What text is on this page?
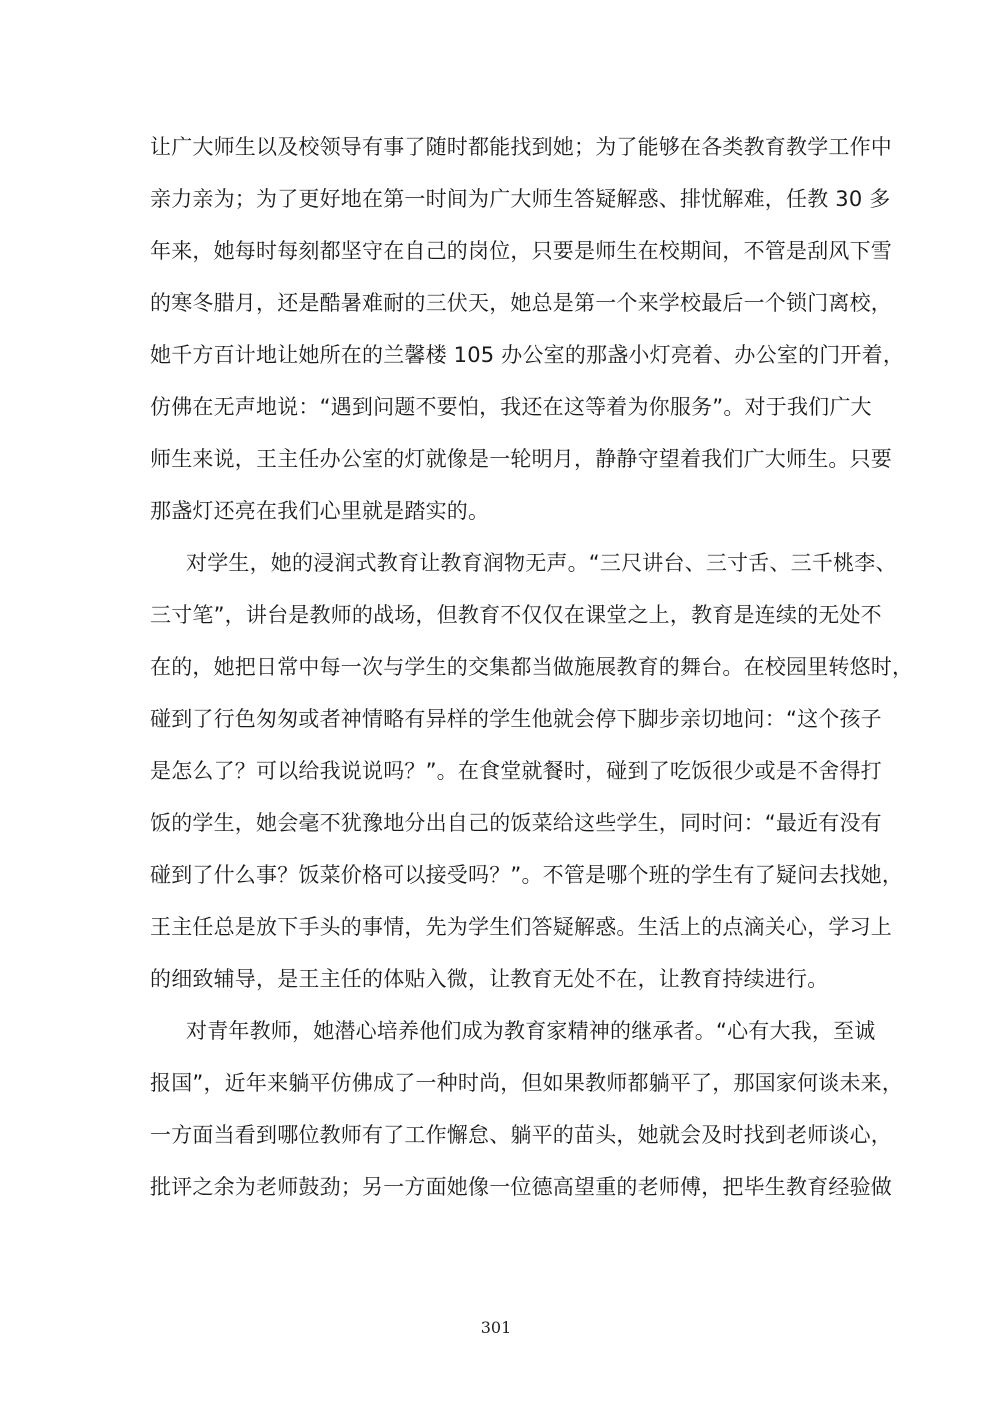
让广大师生以及校领导有事了随时都能找到她；为了能够在各类教育教学工作中
亲力亲为；为了更好地在第一时间为广大师生答疑解惑、排忧解难，任教 30 多
年来，她每时每刻都坚守在自己的岗位，只要是师生在校期间，不管是刮风下雪
的寒冬腊月，还是酷暑难耐的三伏天，她总是第一个来学校最后一个锁门离校，
她千方百计地让她所在的兰馨楼 105 办公室的那盏小灯亮着、办公室的门开着，
仿佛在无声地说：“遇到问题不要怕，我还在这等着为你服务”。对于我们广大
师生来说，王主任办公室的灯就像是一轮明月，静静守望着我们广大师生。只要
那盏灯还亮在我们心里就是踏实的。
对学生，她的浸润式教育让教育润物无声。“三尺讲台、三寸舌、三千桃李、
三寸笔”，讲台是教师的战场，但教育不仅仅在课堂之上，教育是连续的无处不
在的，她把日常中每一次与学生的交集都当做施展教育的舞台。在校园里转悠时，
碰到了行色匆匆或者神情略有异样的学生他就会停下脚步亲切地问：“这个孩子
是怎么了？可以给我说说吗？”。在食堂就餐时，碰到了吃饭很少或是不舍得打
饭的学生，她会毫不犹豫地分出自己的饭菜给这些学生，同时问：“最近有没有
碰到了什么事？饭菜价格可以接受吗？”。不管是哪个班的学生有了疑问去找她，
王主任总是放下手头的事情，先为学生们答疑解惑。生活上的点滴关心，学习上
的细致辅导，是王主任的体贴入微，让教育无处不在，让教育持续进行。
对青年教师，她潜心培养他们成为教育家精神的继承者。“心有大我，至诚
报国”，近年来躺平仿佛成了一种时尚，但如果教师都躺平了，那国家何谈未来，
一方面当看到哪位教师有了工作懈怠、躺平的苗头，她就会及时找到老师谈心，
批评之余为老师鼓劲；另一方面她像一位德高望重的老师傅，把毕生教育经验做
301
